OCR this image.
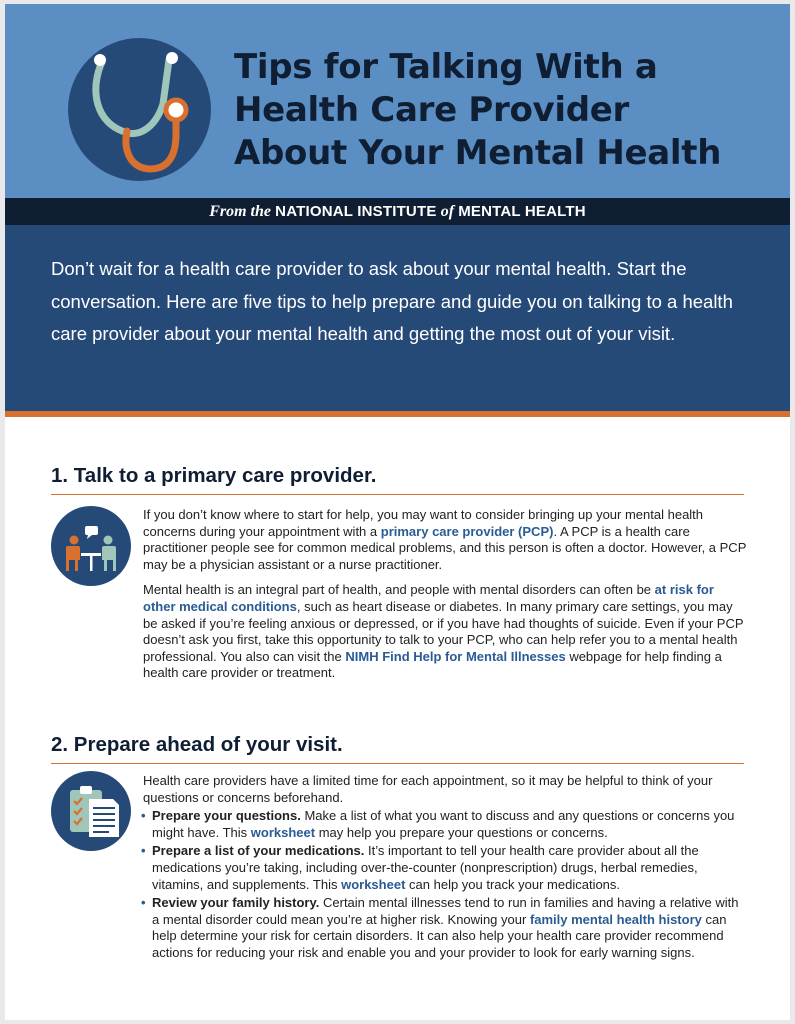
Tips for Talking With a
Health Care Provider
About Your Mental Health
From the NATIONAL INSTITUTE of MENTAL HEALTH

Don’t wait for a health care provider to ask about your mental health. Start the conversation. Here are five tips to help prepare and guide you on talking to a health care provider about your mental health and getting the most out of your visit.

1. Talk to a primary care provider.

If you don’t know where to start for help, you may want to consider bringing up your mental health concerns during your appointment with a primary care provider (PCP). A PCP is a health care practitioner people see for common medical problems, and this person is often a doctor. However, a PCP may be a physician assistant or a nurse practitioner.

Mental health is an integral part of health, and people with mental disorders can often be at risk for other medical conditions, such as heart disease or diabetes. In many primary care settings, you may be asked if you’re feeling anxious or depressed, or if you have had thoughts of suicide. Even if your PCP doesn’t ask you first, take this opportunity to talk to your PCP, who can help refer you to a mental health professional. You also can visit the NIMH Find Help for Mental Illnesses webpage for help finding a health care provider or treatment.

2. Prepare ahead of your visit.

Health care providers have a limited time for each appointment, so it may be helpful to think of your questions or concerns beforehand.

• Prepare your questions. Make a list of what you want to discuss and any questions or concerns you might have. This worksheet may help you prepare your questions or concerns.
• Prepare a list of your medications. It’s important to tell your health care provider about all the medications you’re taking, including over-the-counter (nonprescription) drugs, herbal remedies, vitamins, and supplements. This worksheet can help you track your medications.
• Review your family history. Certain mental illnesses tend to run in families and having a relative with a mental disorder could mean you’re at higher risk. Knowing your family mental health history can help determine your risk for certain disorders. It can also help your health care provider recommend actions for reducing your risk and enable you and your provider to look for early warning signs.
